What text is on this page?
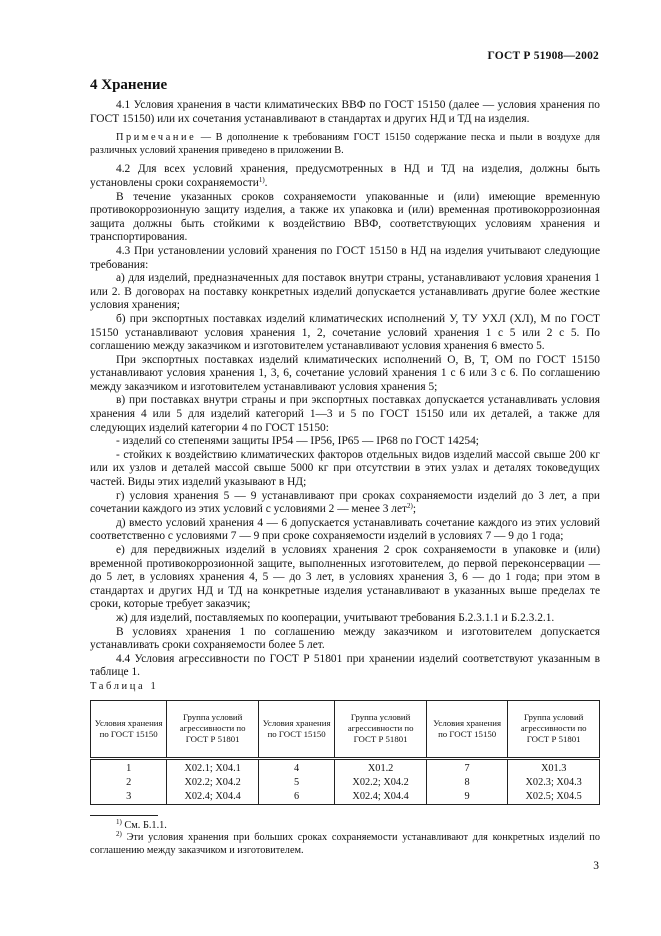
ГОСТ Р 51908—2002
4 Хранение

4.1 Условия хранения в части климатических ВВФ по ГОСТ 15150 (далее — условия хранения по ГОСТ 15150) или их сочетания устанавливают в стандартах и других НД и ТД на изделия.

Примечание — В дополнение к требованиям ГОСТ 15150 содержание песка и пыли в воздухе для различных условий хранения приведено в приложении В.

4.2 Для всех условий хранения, предусмотренных в НД и ТД на изделия, должны быть установлены сроки сохраняемости$^{1)}$.

В течение указанных сроков сохраняемости упакованные и (или) имеющие временную противокоррозионную защиту изделия, а также их упаковка и (или) временная противокоррозионная защита должны быть стойкими к воздействию ВВФ, соответствующих условиям хранения и транспортирования.

4.3 При установлении условий хранения по ГОСТ 15150 в НД на изделия учитывают следующие требования:

а) для изделий, предназначенных для поставок внутри страны, устанавливают условия хранения 1 или 2. В договорах на поставку конкретных изделий допускается устанавливать другие более жесткие условия хранения;

б) при экспортных поставках изделий климатических исполнений У, ТУ УХЛ (ХЛ), М по ГОСТ 15150 устанавливают условия хранения 1, 2, сочетание условий хранения 1 с 5 или 2 с 5. По соглашению между заказчиком и изготовителем устанавливают условия хранения 6 вместо 5.

При экспортных поставках изделий климатических исполнений О, В, Т, ОМ по ГОСТ 15150 устанавливают условия хранения 1, 3, 6, сочетание условий хранения 1 с 6 или 3 с 6. По соглашению между заказчиком и изготовителем устанавливают условия хранения 5;

в) при поставках внутри страны и при экспортных поставках допускается устанавливать условия хранения 4 или 5 для изделий категорий 1—3 и 5 по ГОСТ 15150 или их деталей, а также для следующих изделий категории 4 по ГОСТ 15150:

- изделий со степенями защиты IP54 — IP56, IP65 — IP68 по ГОСТ 14254;

- стойких к воздействию климатических факторов отдельных видов изделий массой свыше 200 кг или их узлов и деталей массой свыше 5000 кг при отсутствии в этих узлах и деталях токоведущих частей. Виды этих изделий указывают в НД;

г) условия хранения 5 — 9 устанавливают при сроках сохраняемости изделий до 3 лет, а при сочетании каждого из этих условий с условиями 2 — менее 3 лет$^{2)}$;

д) вместо условий хранения 4 — 6 допускается устанавливать сочетание каждого из этих условий соответственно с условиями 7 — 9 при сроке сохраняемости изделий в условиях 7 — 9 до 1 года;

е) для передвижных изделий в условиях хранения 2 срок сохраняемости в упаковке и (или) временной противокоррозионной защите, выполненных изготовителем, до первой переконсервации — до 5 лет, в условиях хранения 4, 5 — до 3 лет, в условиях хранения 3, 6 — до 1 года; при этом в стандартах и других НД и ТД на конкретные изделия устанавливают в указанных выше пределах те сроки, которые требует заказчик;

ж) для изделий, поставляемых по кооперации, учитывают требования Б.2.3.1.1 и Б.2.3.2.1.

В условиях хранения 1 по соглашению между заказчиком и изготовителем допускается устанавливать сроки сохраняемости более 5 лет.

4.4 Условия агрессивности по ГОСТ Р 51801 при хранении изделий соответствуют указанным в таблице 1.

Таблица 1

Условия хранения по ГОСТ 15150	Группа условий агрессивности по ГОСТ Р 51801	Условия хранения по ГОСТ 15150	Группа условий агрессивности по ГОСТ Р 51801	Условия хранения по ГОСТ 15150	Группа условий агрессивности по ГОСТ Р 51801
1	Х02.1; Х04.1	4	Х01.2	7	Х01.3
2	Х02.2; Х04.2	5	Х02.2; Х04.2	8	Х02.3; Х04.3
3	Х02.4; Х04.4	6	Х02.4; Х04.4	9	Х02.5; Х04.5

$^{1)}$ См. Б.1.1.

$^{2)}$ Эти условия хранения при больших сроках сохраняемости устанавливают для конкретных изделий по соглашению между заказчиком и изготовителем.

3
